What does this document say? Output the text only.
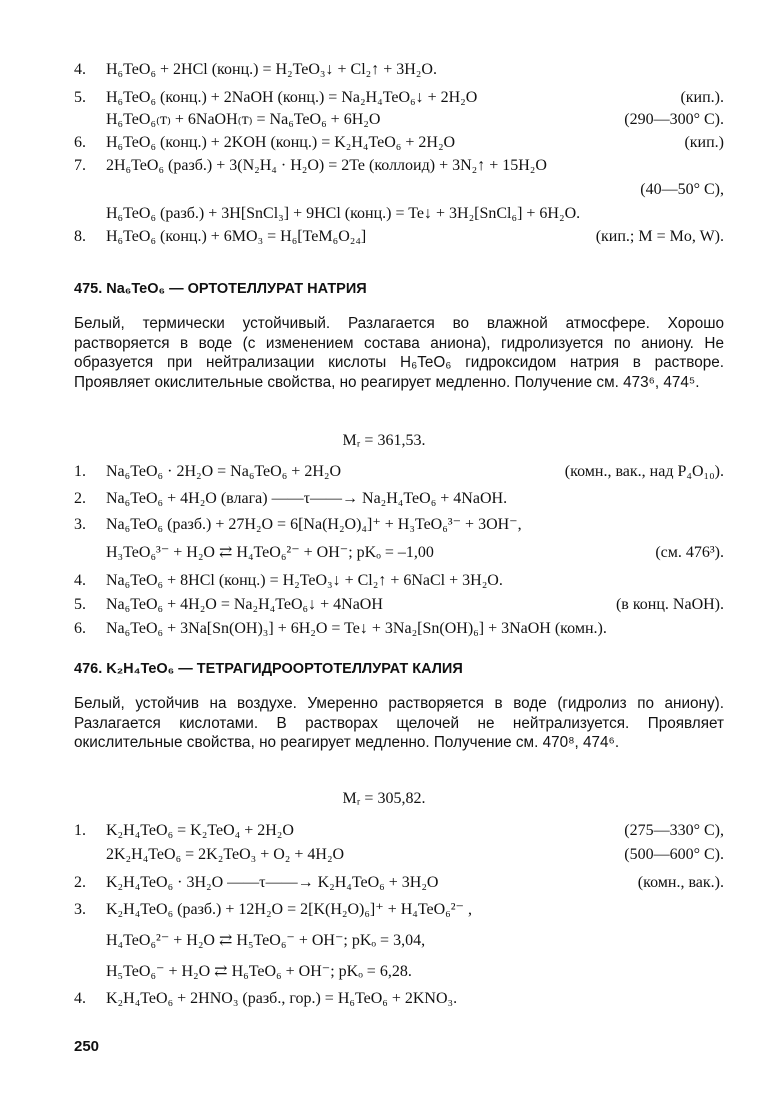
4. H₆TeO₆ + 2HCl (конц.) = H₂TeO₃↓ + Cl₂↑ + 3H₂O.
5. H₆TeO₆ (конц.) + 2NaOH (конц.) = Na₂H₄TeO₆↓ + 2H₂O	(кип.).
H₆TeO₆₍т₎ + 6NaOH₍т₎ = Na₆TeO₆ + 6H₂O	(290—300° C).
6. H₆TeO₆ (конц.) + 2KOH (конц.) = K₂H₄TeO₆ + 2H₂O	(кип.)
7. 2H₆TeO₆ (разб.) + 3(N₂H₄ · H₂O) = 2Te (коллоид) + 3N₂↑ + 15H₂O
(40—50° C),
H₆TeO₆ (разб.) + 3H[SnCl₃] + 9HCl (конц.) = Te↓ + 3H₂[SnCl₆] + 6H₂O.
8. H₆TeO₆ (конц.) + 6MO₃ = H₆[TeM₆O₂₄]	(кип.; M = Mo, W).
475. Na₆TeO₆ — ОРТОТЕЛЛУРАТ НАТРИЯ
Белый, термически устойчивый. Разлагается во влажной атмосфере. Хорошо растворяется в воде (с изменением состава аниона), гидролизуется по аниону. Не образуется при нейтрализации кислоты H₆TeO₆ гидроксидом натрия в растворе. Проявляет окислительные свойства, но реагирует медленно. Получение см. 473⁶, 474⁵.
Mᵣ = 361,53.
1. Na₆TeO₆ · 2H₂O = Na₆TeO₆ + 2H₂O	(комн., вак., над P₄O₁₀).
2. Na₆TeO₆ + 4H₂O (влага) ——τ——→ Na₂H₄TeO₆ + 4NaOH.
3. Na₆TeO₆ (разб.) + 27H₂O = 6[Na(H₂O)₄]⁺ + H₃TeO₆³⁻ + 3OH⁻,
H₃TeO₆³⁻ + H₂O ⇄ H₄TeO₆²⁻ + OH⁻; pKₒ = –1,00	(см. 476³).
4. Na₆TeO₆ + 8HCl (конц.) = H₂TeO₃↓ + Cl₂↑ + 6NaCl + 3H₂O.
5. Na₆TeO₆ + 4H₂O = Na₂H₄TeO₆↓ + 4NaOH	(в конц. NaOH).
6. Na₆TeO₆ + 3Na[Sn(OH)₃] + 6H₂O = Te↓ + 3Na₂[Sn(OH)₆] + 3NaOH (комн.).
476. K₂H₄TeO₆ — ТЕТРАГИДРООРТОТЕЛЛУРАТ КАЛИЯ
Белый, устойчив на воздухе. Умеренно растворяется в воде (гидролиз по аниону). Разлагается кислотами. В растворах щелочей не нейтрализуется. Проявляет окислительные свойства, но реагирует медленно. Получение см. 470⁸, 474⁶.
Mᵣ = 305,82.
1. K₂H₄TeO₆ = K₂TeO₄ + 2H₂O	(275—330° C),
2K₂H₄TeO₆ = 2K₂TeO₃ + O₂ + 4H₂O	(500—600° C).
2. K₂H₄TeO₆ · 3H₂O ——τ——→ K₂H₄TeO₆ + 3H₂O	(комн., вак.).
3. K₂H₄TeO₆ (разб.) + 12H₂O = 2[K(H₂O)₆]⁺ + H₄TeO₆²⁻ ,
H₄TeO₆²⁻ + H₂O ⇄ H₅TeO₆⁻ + OH⁻; pKₒ = 3,04,
H₅TeO₆⁻ + H₂O ⇄ H₆TeO₆ + OH⁻; pKₒ = 6,28.
4. K₂H₄TeO₆ + 2HNO₃ (разб., гор.) = H₆TeO₆ + 2KNO₃.
250
